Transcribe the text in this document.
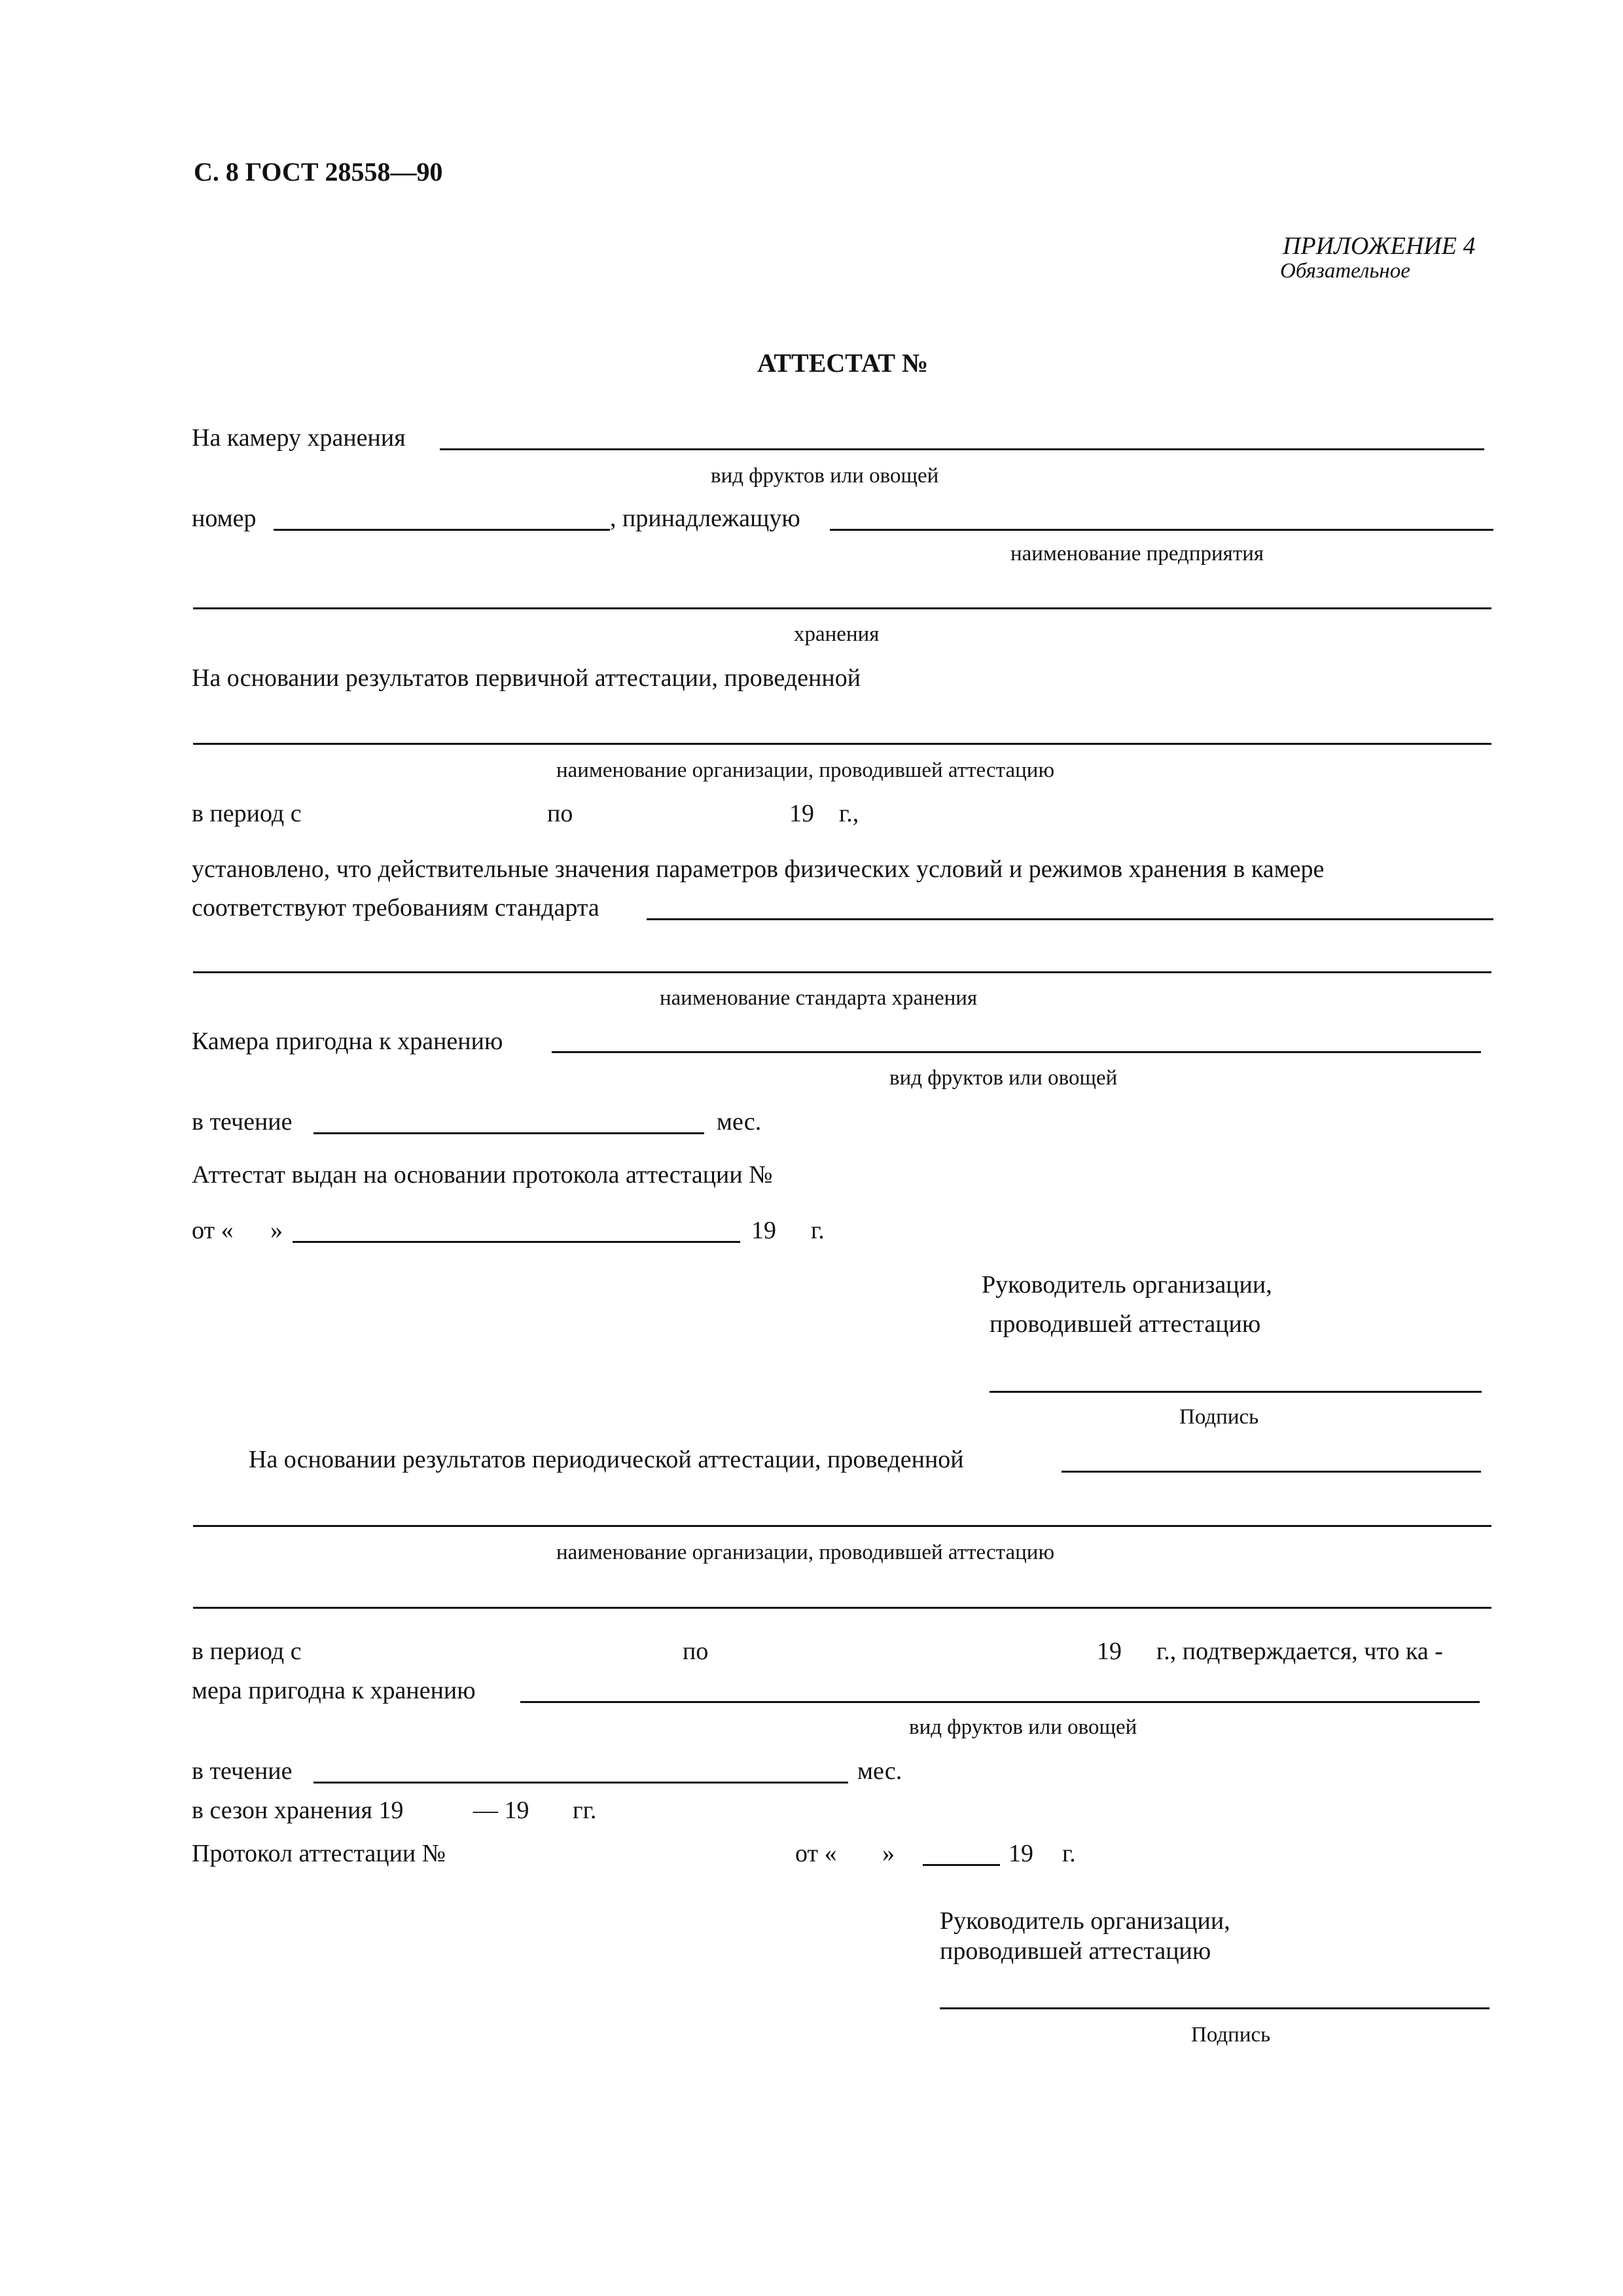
С. 8 ГОСТ 28558—90
ПРИЛОЖЕНИЕ 4
Обязательное
АТТЕСТАТ №
На камеру хранения
вид фруктов или овощей
номер	, принадлежащую
наименование предприятия
хранения
На основании результатов первичной аттестации, проведенной
наименование организации, проводившей аттестацию
в период с	по	19 г.,
установлено, что действительные значения параметров физических условий и режимов хранения в камере
соответствуют требованиям стандарта
наименование стандарта хранения
Камера пригодна к хранению
вид фруктов или овощей
в течение	мес.
Аттестат выдан на основании протокола аттестации №
от « »	19 г.
Руководитель организации,
проводившей аттестацию
Подпись
На основании результатов периодической аттестации, проведенной
наименование организации, проводившей аттестацию
в период с	по	19 г., подтверждается, что ка -
мера пригодна к хранению
вид фруктов или овощей
в течение	мес.
в сезон хранения 19	— 19 гг.
Протокол аттестации №	от « »	19 г.
Руководитель организации,
проводившей аттестацию
Подпись
